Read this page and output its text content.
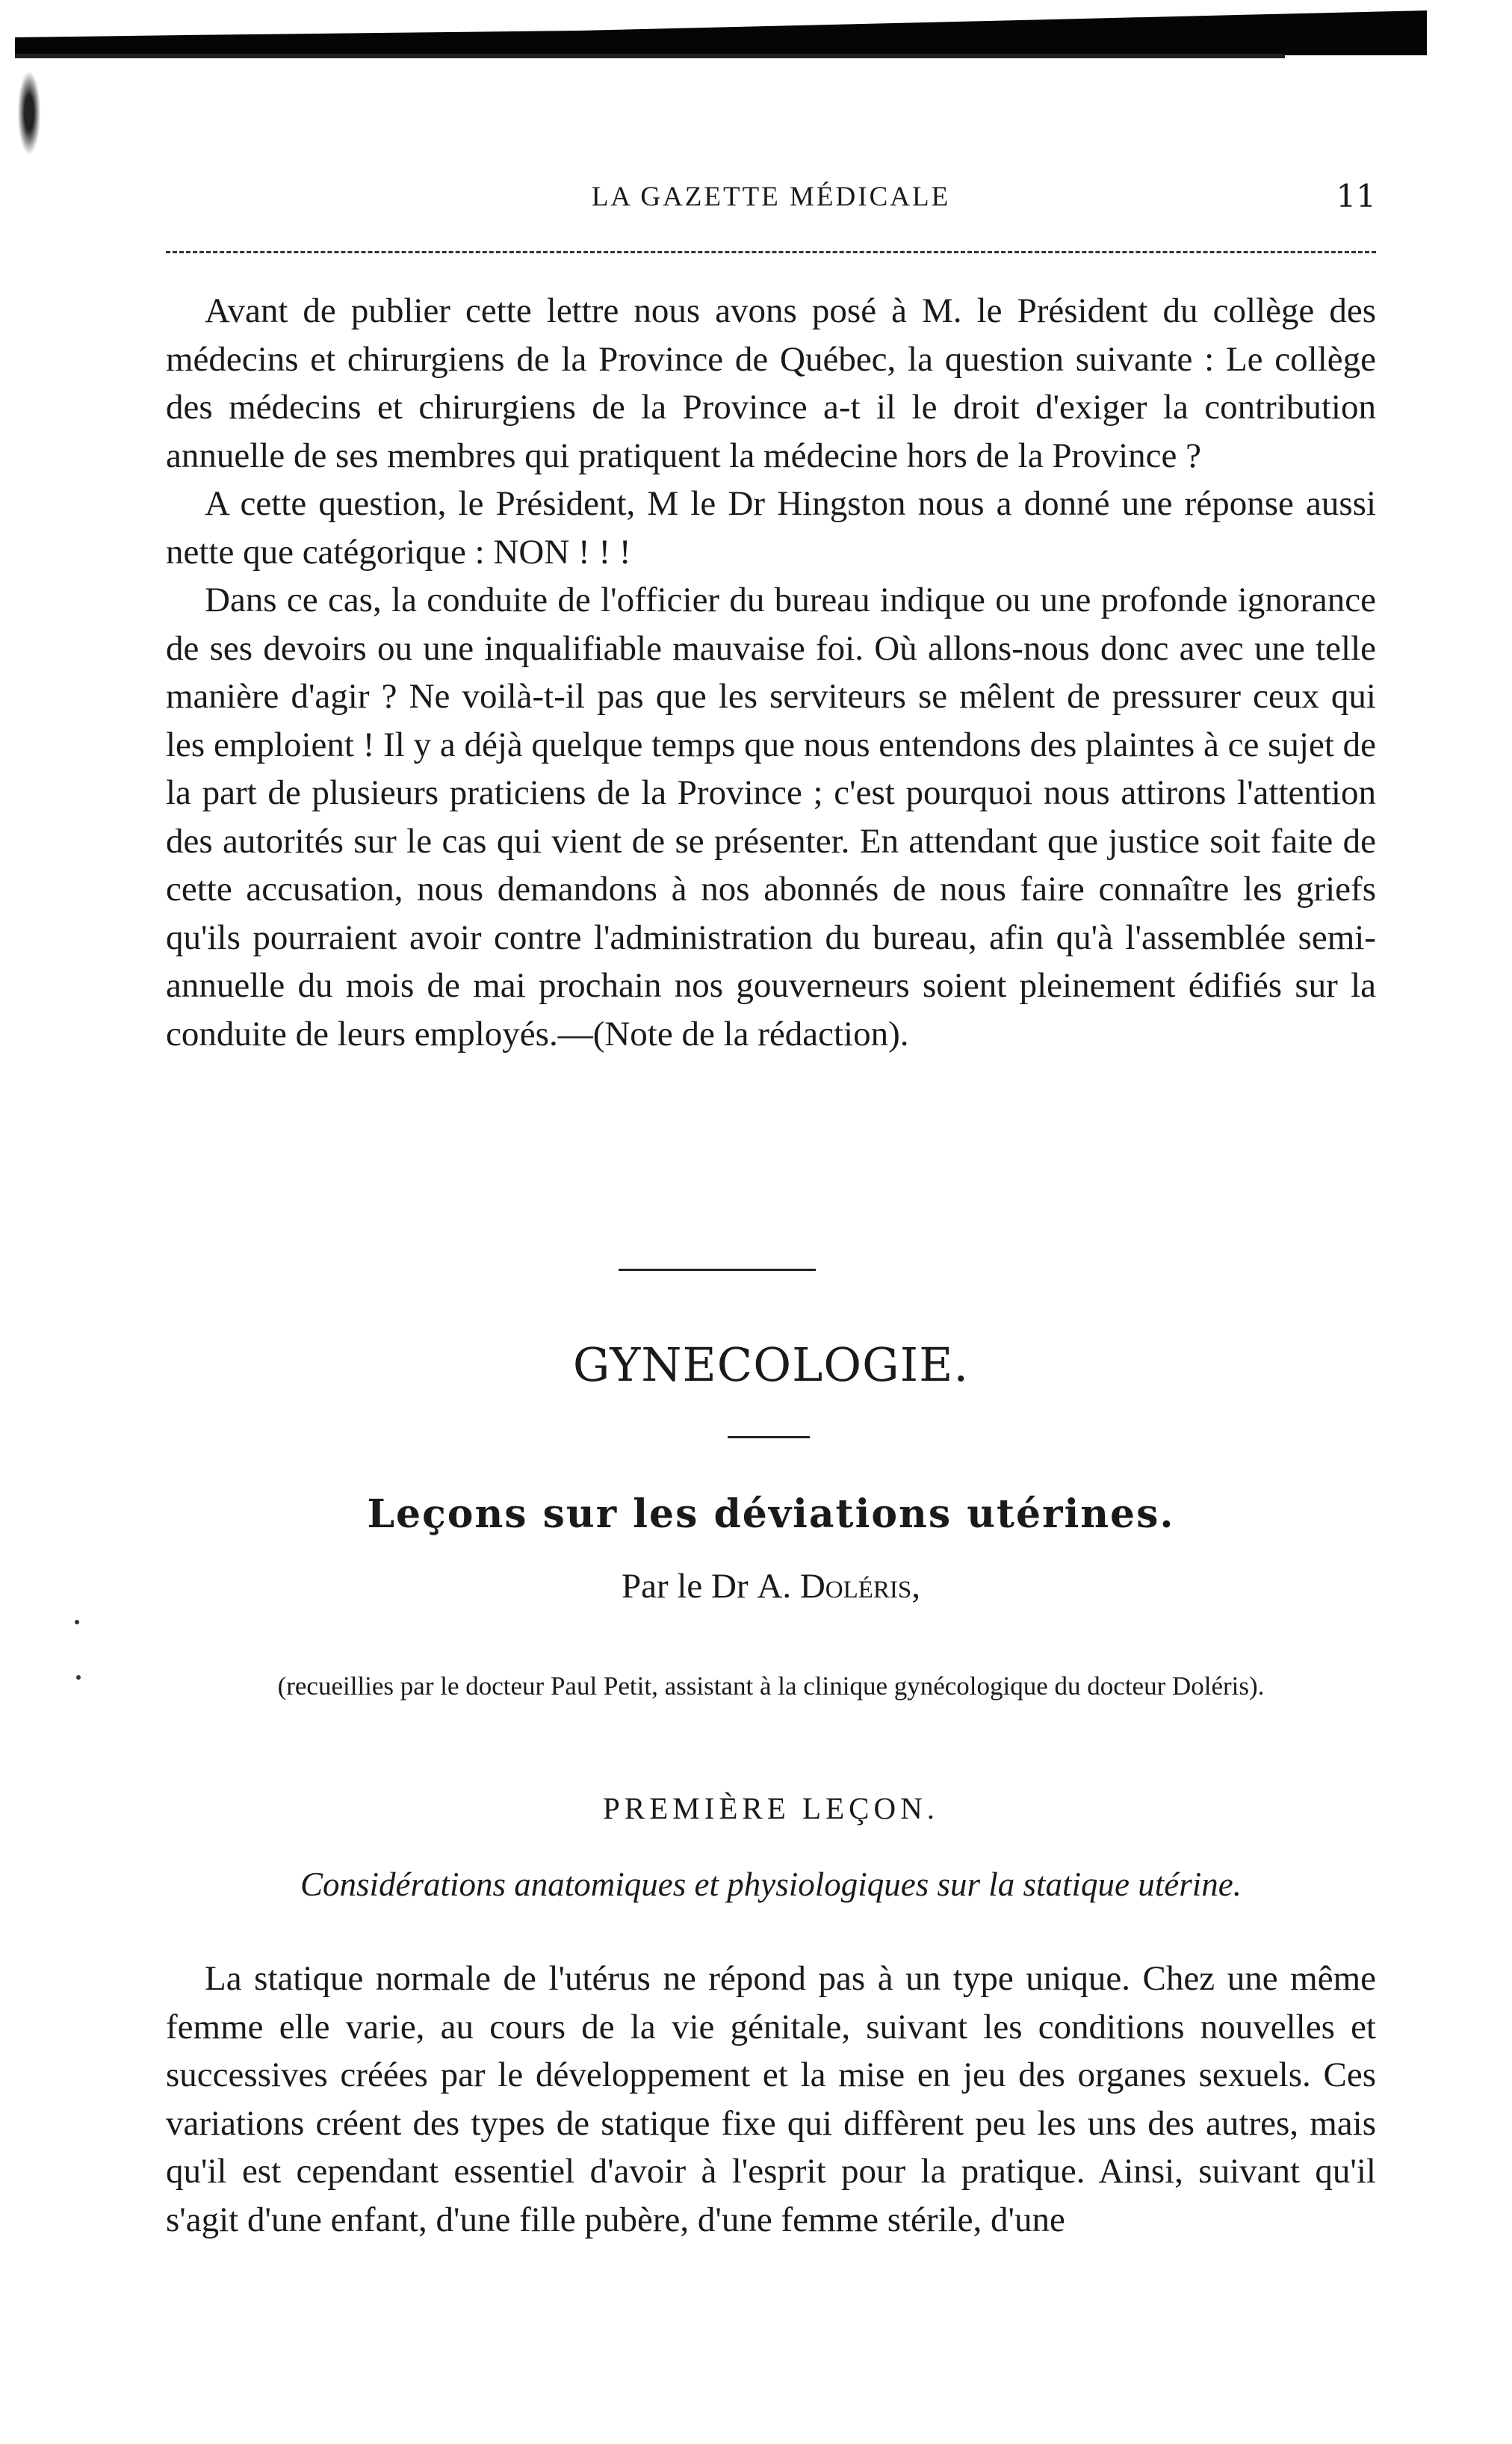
LA GAZETTE MÉDICALE	11

Avant de publier cette lettre nous avons posé à M. le Président du collège des médecins et chirurgiens de la Province de Québec, la question suivante : Le collège des médecins et chirurgiens de la Province a-t il le droit d'exiger la contribution annuelle de ses membres qui pratiquent la médecine hors de la Province ?

A cette question, le Président, M le Dr Hingston nous a donné une réponse aussi nette que catégorique : NON ! ! !

Dans ce cas, la conduite de l'officier du bureau indique ou une profonde ignorance de ses devoirs ou une inqualifiable mauvaise foi. Où allons-nous donc avec une telle manière d'agir ? Ne voilà-t-il pas que les serviteurs se mêlent de pressurer ceux qui les emploient ! Il y a déjà quelque temps que nous entendons des plaintes à ce sujet de la part de plusieurs praticiens de la Province ; c'est pourquoi nous attirons l'attention des autorités sur le cas qui vient de se présenter. En attendant que justice soit faite de cette accusation, nous demandons à nos abonnés de nous faire connaître les griefs qu'ils pourraient avoir contre l'administration du bureau, afin qu'à l'assemblée semi-annuelle du mois de mai prochain nos gouverneurs soient pleinement édifiés sur la conduite de leurs employés.—(Note de la rédaction).

GYNECOLOGIE.
Leçons sur les déviations utérines.
Par le Dr A. Doléris,
(recueillies par le docteur Paul Petit, assistant à la clinique gynécologique du docteur Doléris).
PREMIÈRE LEÇON.
Considérations anatomiques et physiologiques sur la statique utérine.

La statique normale de l'utérus ne répond pas à un type unique. Chez une même femme elle varie, au cours de la vie génitale, suivant les conditions nouvelles et successives créées par le développement et la mise en jeu des organes sexuels. Ces variations créent des types de statique fixe qui diffèrent peu les uns des autres, mais qu'il est cependant essentiel d'avoir à l'esprit pour la pratique. Ainsi, suivant qu'il s'agit d'une enfant, d'une fille pubère, d'une femme stérile, d'une
